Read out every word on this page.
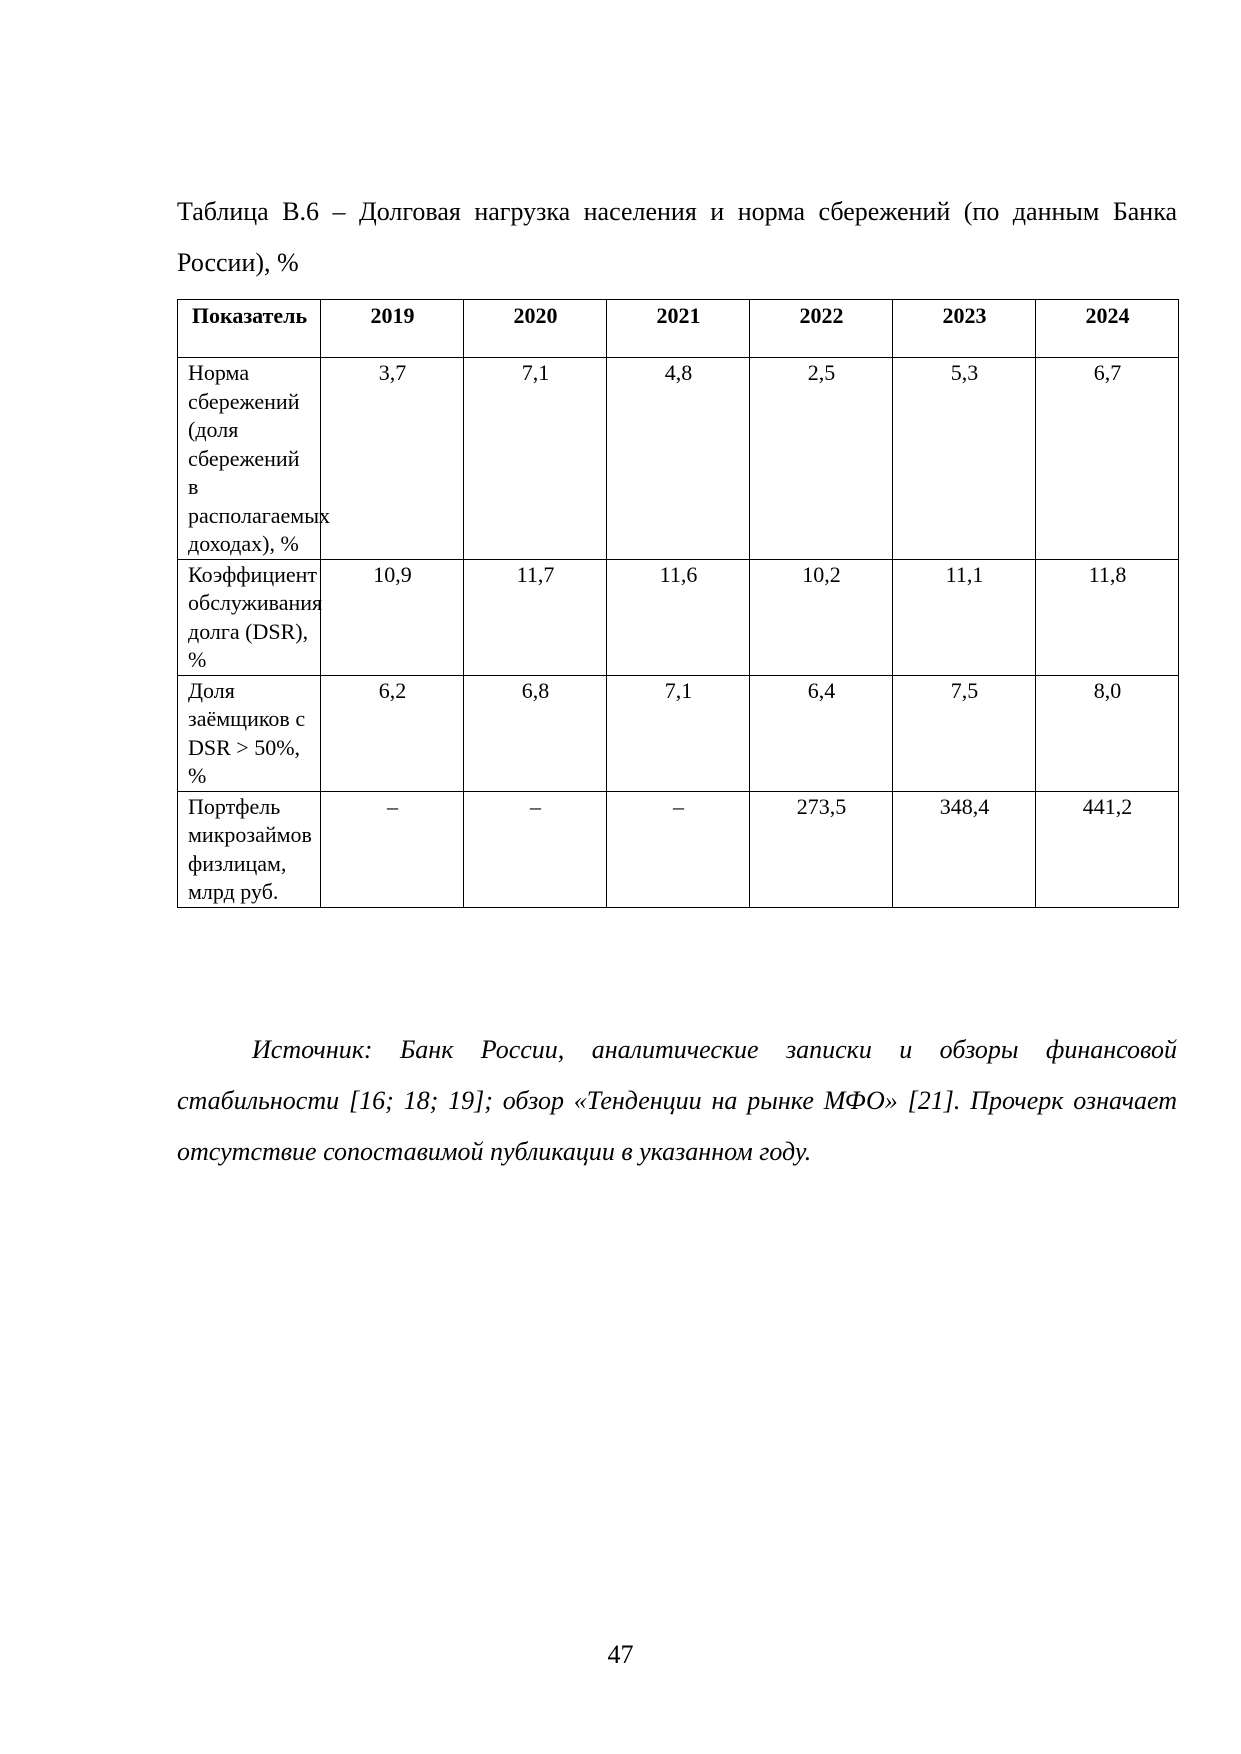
Таблица В.6 – Долговая нагрузка населения и норма сбережений (по данным Банка России), %
Показатель	2019	2020	2021	2022	2023	2024
Норма сбережений (доля сбережений в располагаемых доходах), %	3,7	7,1	4,8	2,5	5,3	6,7
Коэффициент обслуживания долга (DSR), %	10,9	11,7	11,6	10,2	11,1	11,8
Доля заёмщиков с DSR > 50%, %	6,2	6,8	7,1	6,4	7,5	8,0
Портфель микрозаймов физлицам, млрд руб.	–	–	–	273,5	348,4	441,2
Источник: Банк России, аналитические записки и обзоры финансовой стабильности [16; 18; 19]; обзор «Тенденции на рынке МФО» [21]. Прочерк означает отсутствие сопоставимой публикации в указанном году.
47
